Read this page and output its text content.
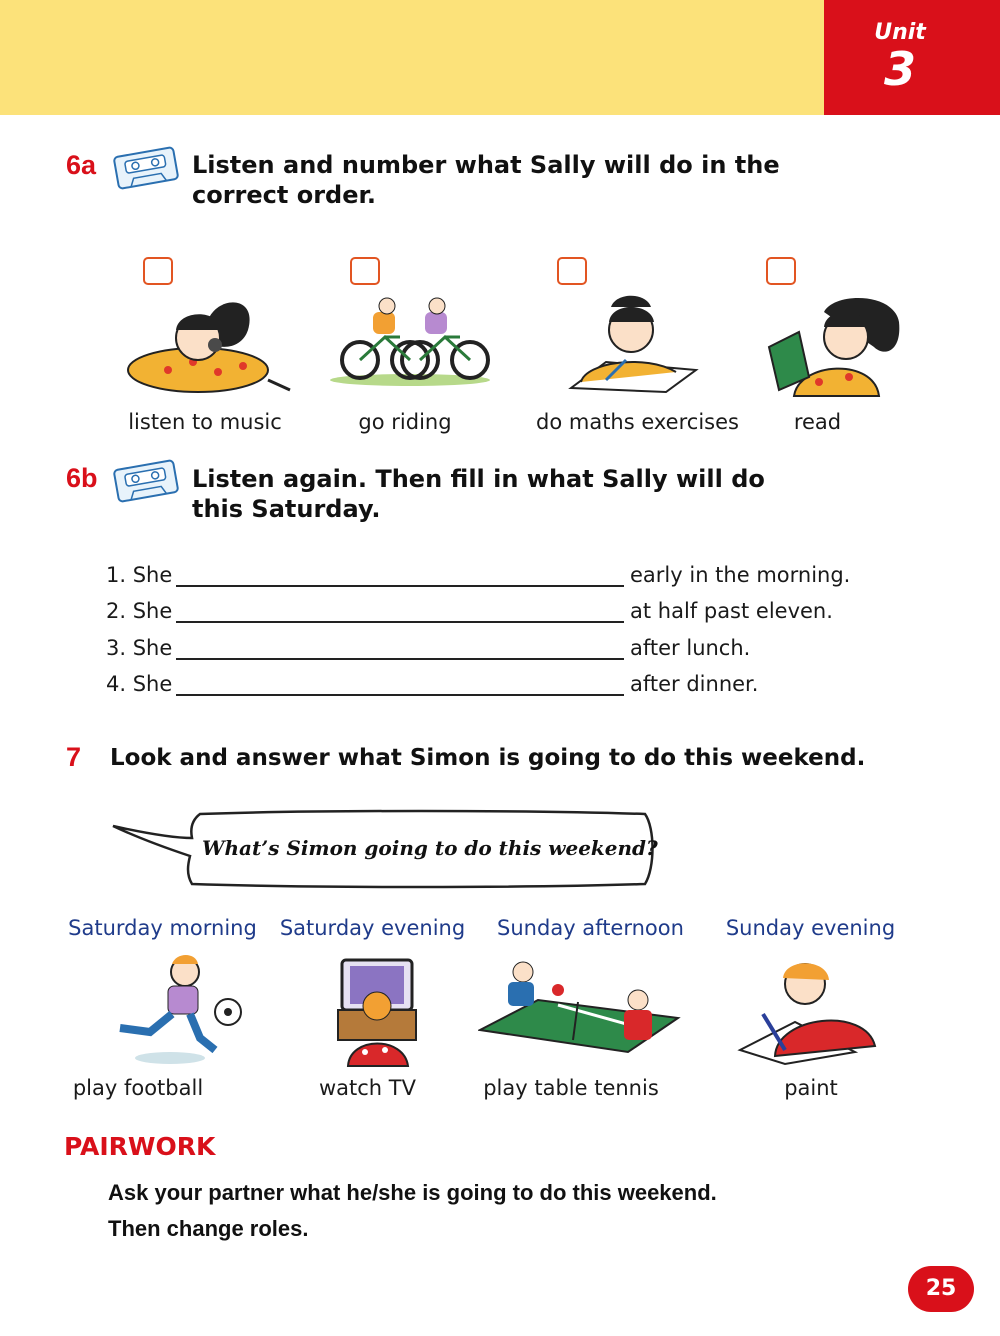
Unit
3
6a	Listen and number what Sally will do in the
correct order.
listen to music	go riding	do maths exercises	read
6b	Listen again. Then fill in what Sally will do
this Saturday.
1. She	early in the morning.
2. She	at half past eleven.
3. She	after lunch.
4. She	after dinner.
7 Look and answer what Simon is going to do this weekend.
What’s Simon going to do this weekend?
Saturday morning	Saturday evening	Sunday afternoon	Sunday evening
play football	watch TV	play table tennis	paint
PAIRWORK
Ask your partner what he/she is going to do this weekend.
Then change roles.
25
